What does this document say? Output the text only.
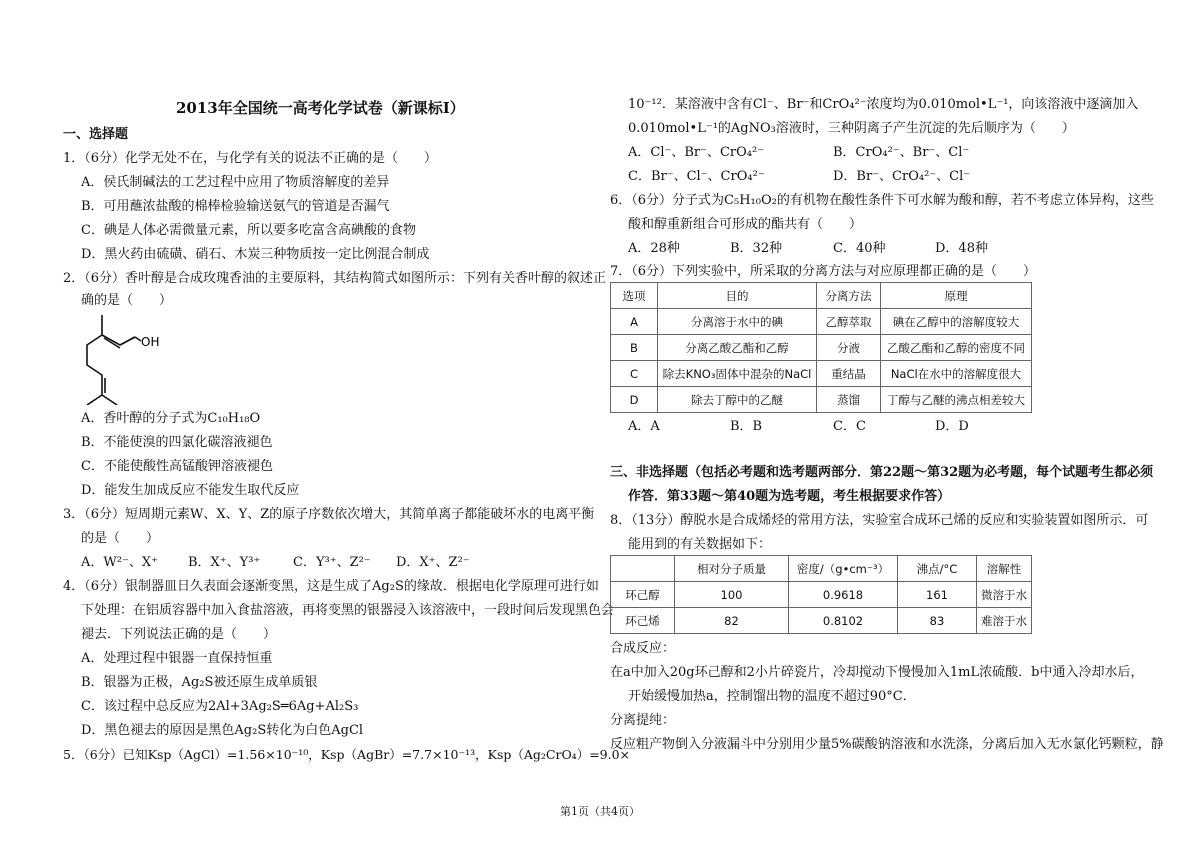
2013年全国统一高考化学试卷（新课标I）
一、选择题
1．（6分）化学无处不在，与化学有关的说法不正确的是（　　）
A．侯氏制碱法的工艺过程中应用了物质溶解度的差异
B．可用蘸浓盐酸的棉棒检验输送氨气的管道是否漏气
C．碘是人体必需微量元素，所以要多吃富含高碘酸的食物
D．黑火药由硫磺、硝石、木炭三种物质按一定比例混合制成
2．（6分）香叶醇是合成玫瑰香油的主要原料，其结构简式如图所示：下列有关香叶醇的叙述正
确的是（　　）
OH
A．香叶醇的分子式为C₁₀H₁₈O
B．不能使溴的四氯化碳溶液褪色
C．不能使酸性高锰酸钾溶液褪色
D．能发生加成反应不能发生取代反应
3．（6分）短周期元素W、X、Y、Z的原子序数依次增大，其简单离子都能破坏水的电离平衡
的是（　　）
A．W²⁻、X⁺ B．X⁺、Y³⁺	C．Y³⁺、Z²⁻ D．X⁺、Z²⁻
4．（6分）银制器皿日久表面会逐渐变黑，这是生成了Ag₂S的缘故．根据电化学原理可进行如
下处理：在铝质容器中加入食盐溶液，再将变黑的银器浸入该溶液中，一段时间后发现黑色会
褪去．下列说法正确的是（　　）
A．处理过程中银器一直保持恒重
B．银器为正极，Ag₂S被还原生成单质银
C．该过程中总反应为2Al+3Ag₂S═6Ag+Al₂S₃
D．黑色褪去的原因是黑色Ag₂S转化为白色AgCl
5．（6分）已知Ksp（AgCl）=1.56×10⁻¹⁰，Ksp（AgBr）=7.7×10⁻¹³，Ksp（Ag₂CrO₄）=9.0×
10⁻¹²．某溶液中含有Cl⁻、Br⁻和CrO₄²⁻浓度均为0.010mol•L⁻¹，向该溶液中逐滴加入
0.010mol•L⁻¹的AgNO₃溶液时，三种阴离子产生沉淀的先后顺序为（　　）
A．Cl⁻、Br⁻、CrO₄²⁻	B．CrO₄²⁻、Br⁻、Cl⁻
C．Br⁻、Cl⁻、CrO₄²⁻	D．Br⁻、CrO₄²⁻、Cl⁻
6．（6分）分子式为C₅H₁₀O₂的有机物在酸性条件下可水解为酸和醇，若不考虑立体异构，这些
酸和醇重新组合可形成的酯共有（　　）
A．28种	B．32种	C．40种	D．48种
7．（6分）下列实验中，所采取的分离方法与对应原理都正确的是（　　）
选项	目的	分离方法	原理
A	分离溶于水中的碘	乙醇萃取	碘在乙醇中的溶解度较大
B	分离乙酸乙酯和乙醇	分液	乙酸乙酯和乙醇的密度不同
C	除去KNO₃固体中混杂的NaCl	重结晶	NaCl在水中的溶解度很大
D	除去丁醇中的乙醚	蒸馏	丁醇与乙醚的沸点相差较大
A．A	B．B	C．C	D．D
三、非选择题（包括必考题和选考题两部分．第22题～第32题为必考题，每个试题考生都必须
作答．第33题～第40题为选考题，考生根据要求作答）
8．（13分）醇脱水是合成烯烃的常用方法，实验室合成环己烯的反应和实验装置如图所示．可
能用到的有关数据如下：
	相对分子质量	密度/（g•cm⁻³）	沸点/°C	溶解性
环己醇	100	0.9618	161	微溶于水
环己烯	82	0.8102	83	难溶于水
合成反应：
在a中加入20g环己醇和2小片碎瓷片，冷却搅动下慢慢加入1mL浓硫酸．b中通入冷却水后，
开始缓慢加热a，控制馏出物的温度不超过90°C．
分离提纯：
反应粗产物倒入分液漏斗中分别用少量5%碳酸钠溶液和水洗涤，分离后加入无水氯化钙颗粒，静
第1页（共4页）
